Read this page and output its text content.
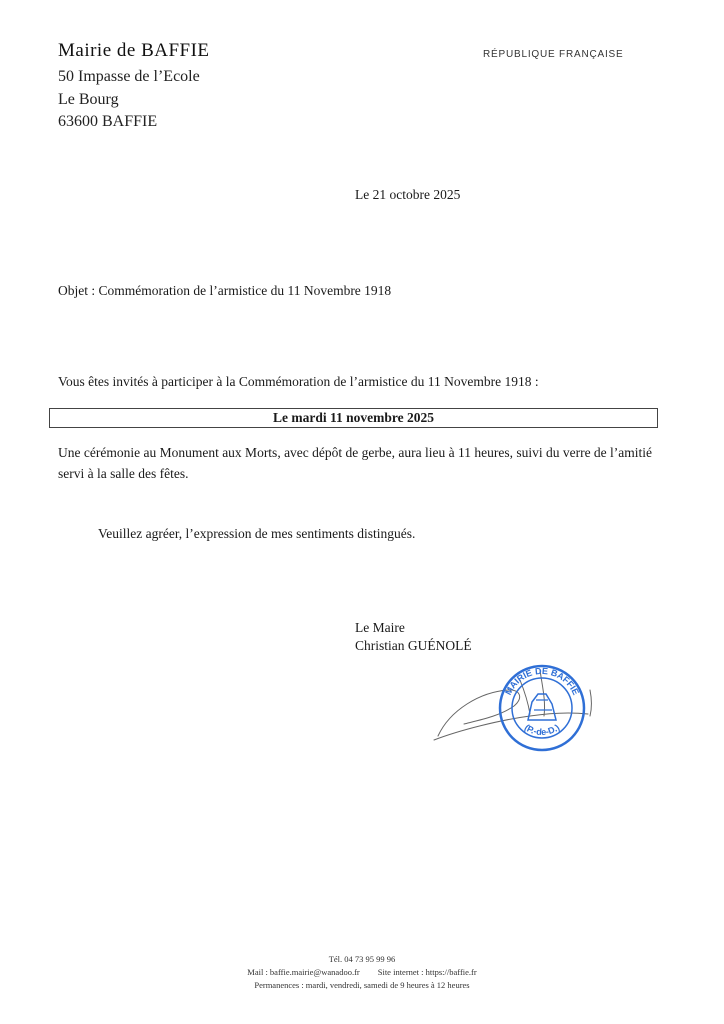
Mairie de BAFFIE
50 Impasse de l’Ecole
Le Bourg
63600 BAFFIE
RÉPUBLIQUE FRANÇAISE
Le 21 octobre 2025
Objet : Commémoration de l’armistice du 11 Novembre 1918
Vous êtes invités à participer à la Commémoration de l’armistice du 11 Novembre 1918 :
Le mardi 11 novembre 2025
Une cérémonie au Monument aux Morts, avec dépôt de gerbe, aura lieu à 11 heures, suivi du verre de l’amitié servi à la salle des fêtes.
Veuillez agréer, l’expression de mes sentiments distingués.
Le Maire
Christian GUÉNOLÉ
MAIRIE DE BAFFIE
(P.-de-D.)
Tél. 04 73 95 99 96
Mail : baffie.mairie@wanadoo.fr Site internet : https://baffie.fr
Permanences : mardi, vendredi, samedi de 9 heures à 12 heures
